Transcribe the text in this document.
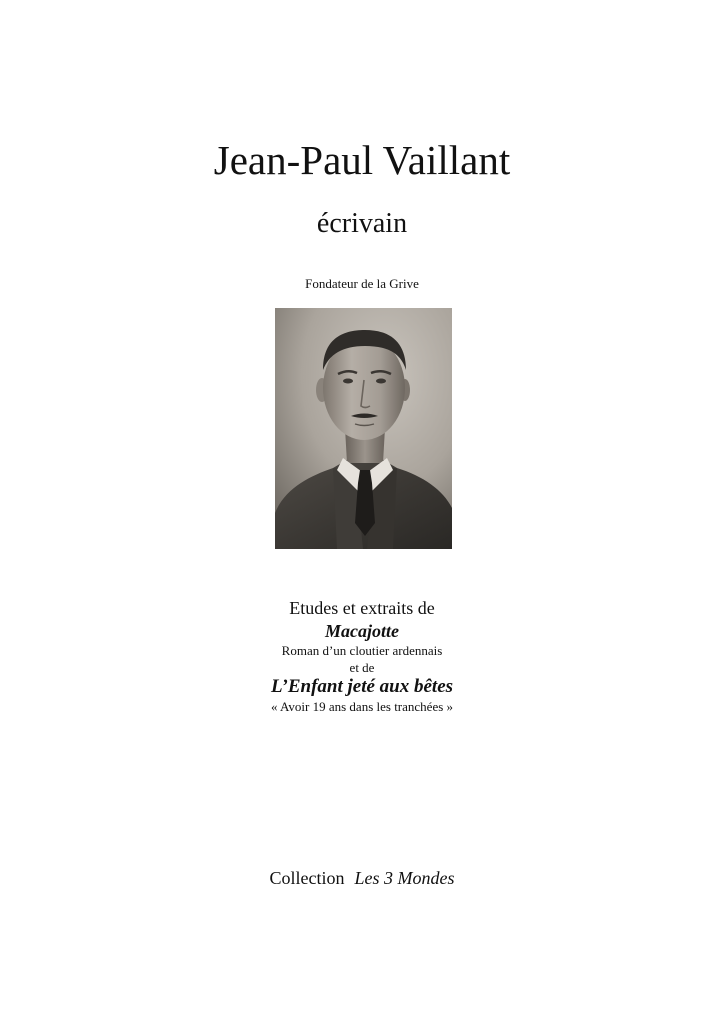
Jean-Paul Vaillant
écrivain
Fondateur de la Grive
Etudes et extraits de
Macajotte
Roman d’un cloutier ardennais
et de
L’Enfant jeté aux bêtes
« Avoir 19 ans dans les tranchées »
Collection Les 3 Mondes
